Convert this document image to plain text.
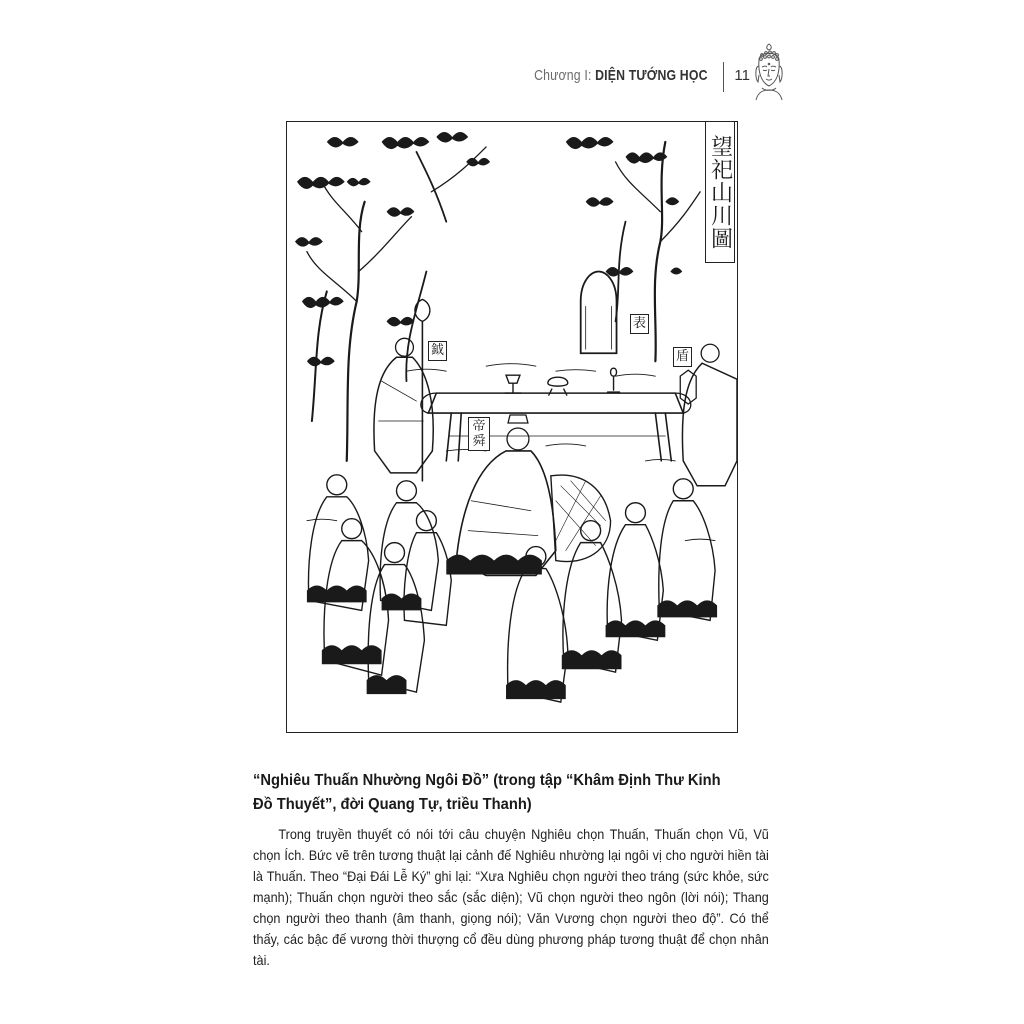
Chương I: DIỆN TƯỚNG HỌC 11
望祀山川圖
鉞
表
盾
帝舜
“Nghiêu Thuấn Nhường Ngôi Đồ” (trong tập “Khâm Định Thư Kinh Đồ Thuyết”, đời Quang Tự, triều Thanh)
Trong truyền thuyết có nói tới câu chuyện Nghiêu chọn Thuấn, Thuấn chọn Vũ, Vũ chọn Ích. Bức vẽ trên tương thuật lại cảnh đế Nghiêu nhường lại ngôi vị cho người hiền tài là Thuấn. Theo “Đại Đái Lễ Ký” ghi lại: “Xưa Nghiêu chọn người theo tráng (sức khỏe, sức mạnh); Thuấn chọn người theo sắc (sắc diện); Vũ chọn người theo ngôn (lời nói); Thang chọn người theo thanh (âm thanh, giọng nói); Văn Vương chọn người theo độ”. Có thể thấy, các bậc đế vương thời thượng cổ đều dùng phương pháp tương thuật để chọn nhân tài.
